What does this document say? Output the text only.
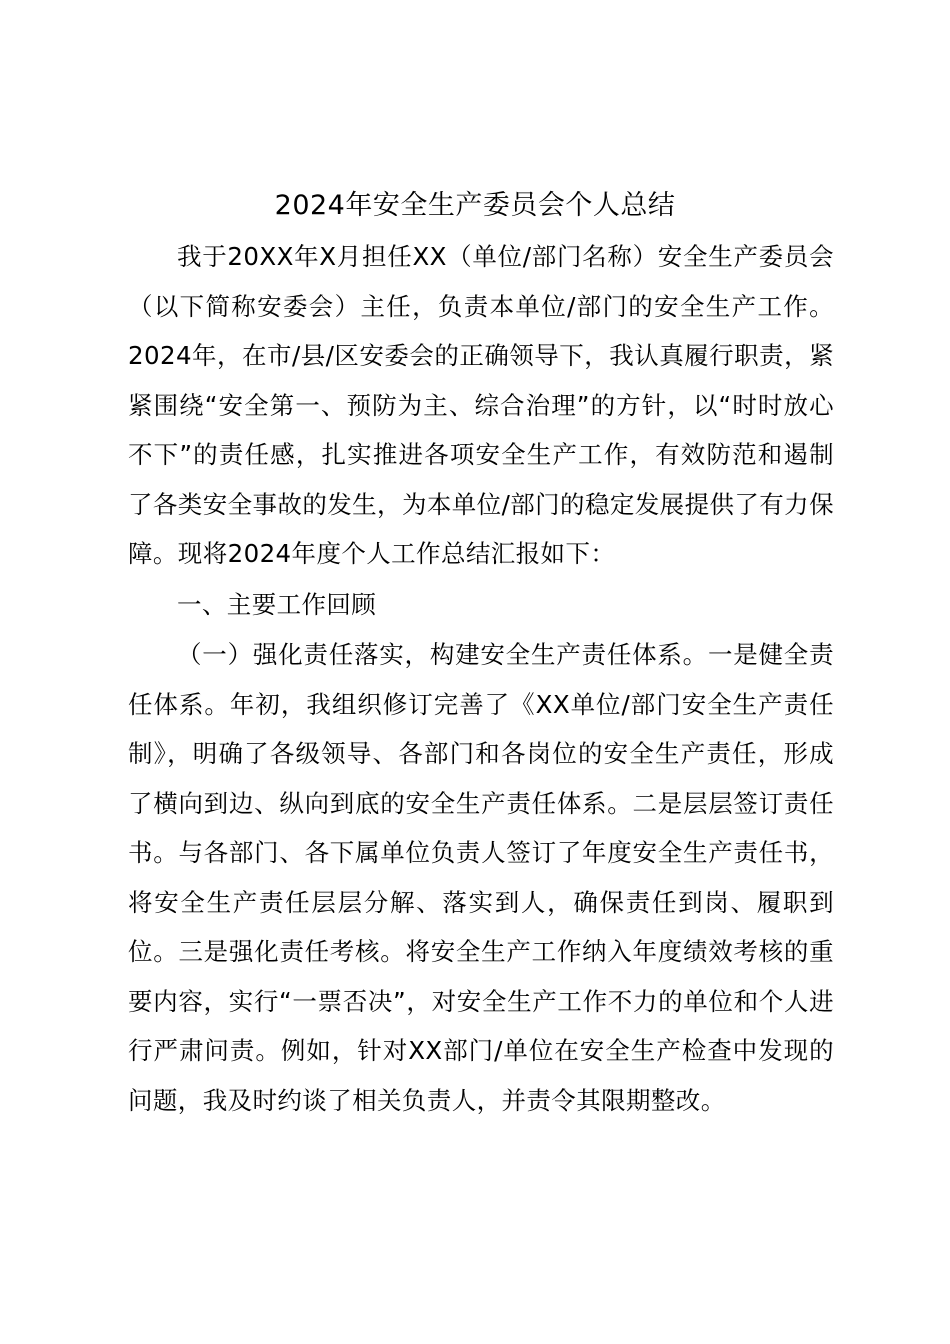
2024年安全生产委员会个人总结

我于20XX年X月担任XX（单位/部门名称）安全生产委员会（以下简称安委会）主任，负责本单位/部门的安全生产工作。2024年，在市/县/区安委会的正确领导下，我认真履行职责，紧紧围绕“安全第一、预防为主、综合治理”的方针，以“时时放心不下”的责任感，扎实推进各项安全生产工作，有效防范和遏制了各类安全事故的发生，为本单位/部门的稳定发展提供了有力保障。现将2024年度个人工作总结汇报如下：

一、主要工作回顾

（一）强化责任落实，构建安全生产责任体系。一是健全责任体系。年初，我组织修订完善了《XX单位/部门安全生产责任制》，明确了各级领导、各部门和各岗位的安全生产责任，形成了横向到边、纵向到底的安全生产责任体系。二是层层签订责任书。与各部门、各下属单位负责人签订了年度安全生产责任书，将安全生产责任层层分解、落实到人，确保责任到岗、履职到位。三是强化责任考核。将安全生产工作纳入年度绩效考核的重要内容，实行“一票否决”，对安全生产工作不力的单位和个人进行严肃问责。例如，针对XX部门/单位在安全生产检查中发现的问题，我及时约谈了相关负责人，并责令其限期整改。
